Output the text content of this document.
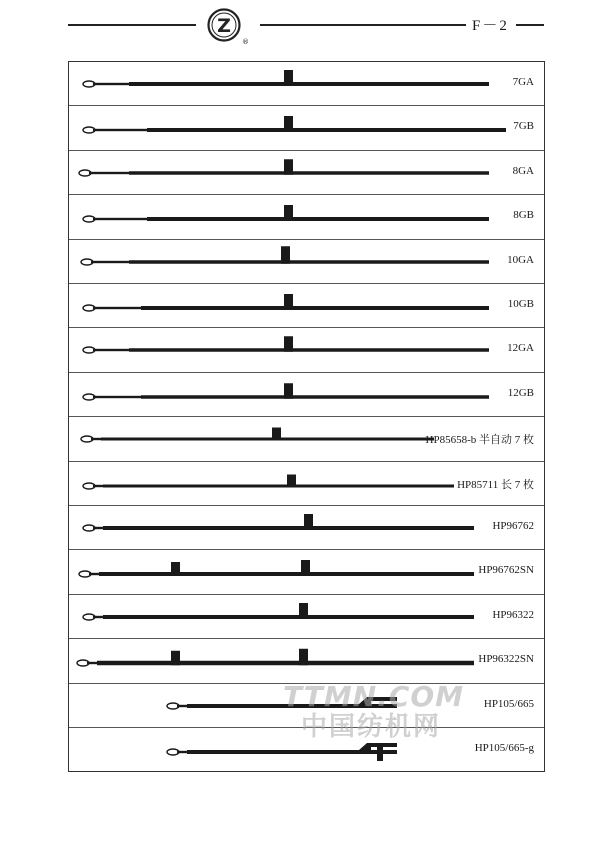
Z
®
F－2
7GA
7GB
8GA
8GB
10GA
10GB
12GA
12GB
HP85658-b 半自动 7 枚
HP85711 长 7 枚
HP96762
HP96762SN
HP96322
HP96322SN
HP105/665
HP105/665-g
TTMN.COM
中国纺机网
